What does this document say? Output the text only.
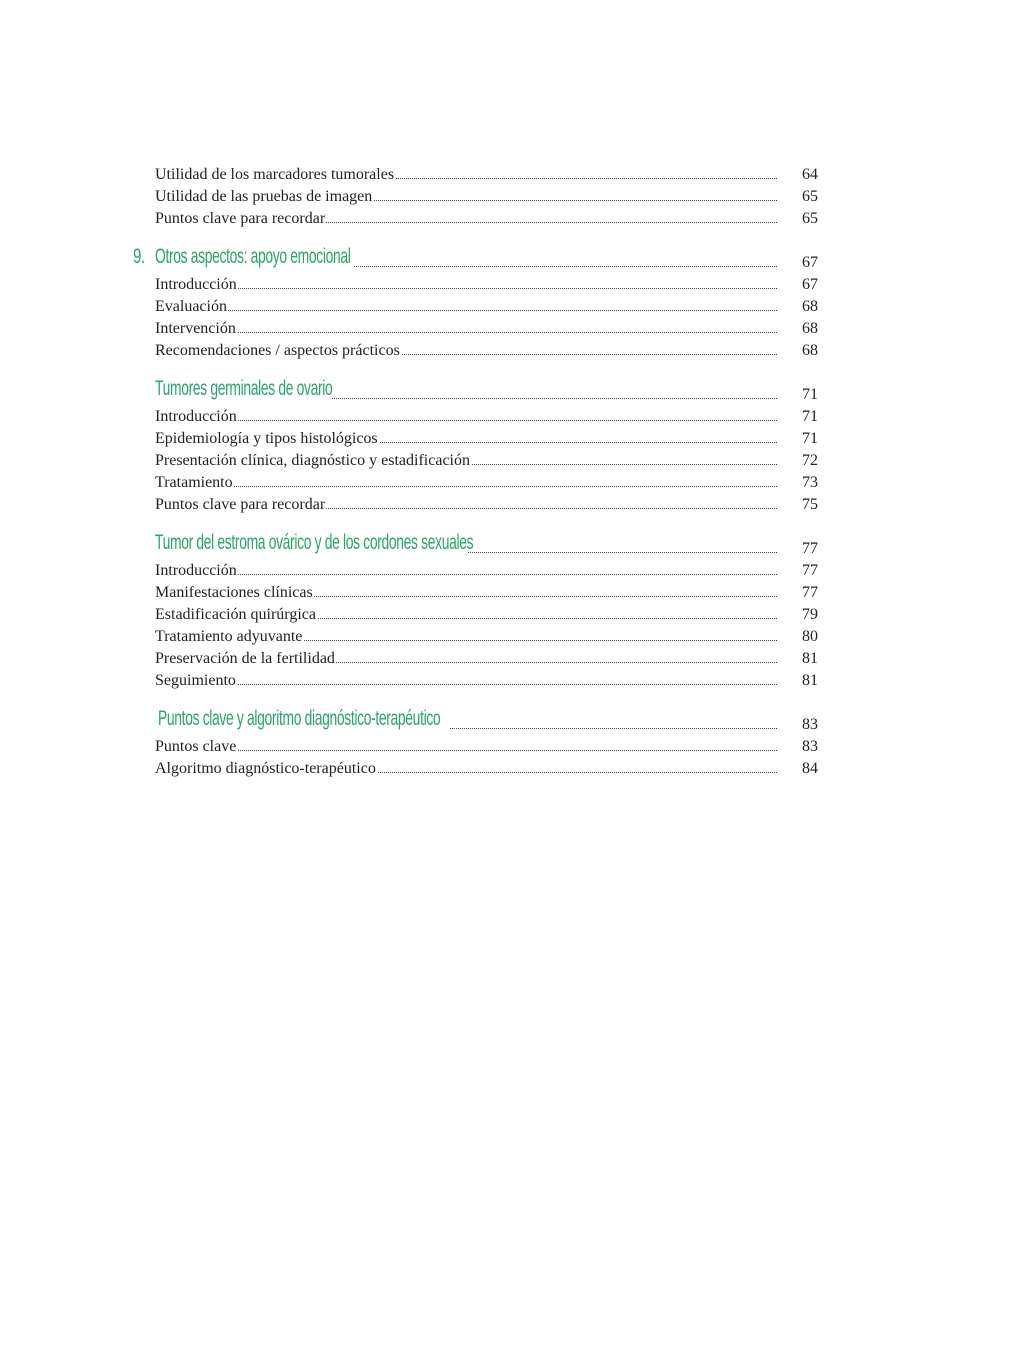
Utilidad de los marcadores tumorales	64
Utilidad de las pruebas de imagen	65
Puntos clave para recordar	65
9. Otros aspectos: apoyo emocional	67
Introducción	67
Evaluación	68
Intervención	68
Recomendaciones / aspectos prácticos	68
Tumores germinales de ovario	71
Introducción	71
Epidemiología y tipos histológicos	71
Presentación clínica, diagnóstico y estadificación	72
Tratamiento	73
Puntos clave para recordar	75
Tumor del estroma ovárico y de los cordones sexuales	77
Introducción	77
Manifestaciones clínicas	77
Estadificación quirúrgica	79
Tratamiento adyuvante	80
Preservación de la fertilidad	81
Seguimiento	81
Puntos clave y algoritmo diagnóstico-terapéutico	83
Puntos clave	83
Algoritmo diagnóstico-terapéutico	84
